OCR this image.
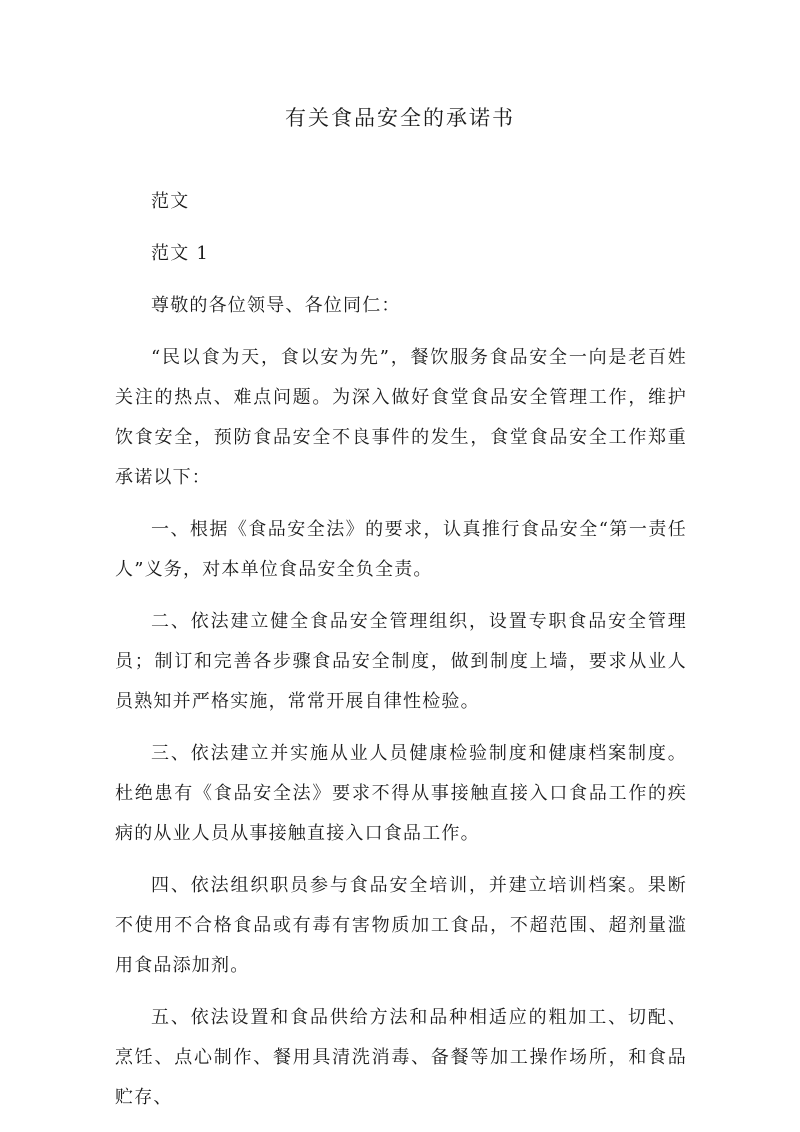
有关食品安全的承诺书

范文

范文 1

尊敬的各位领导、各位同仁：

“民以食为天，食以安为先”，餐饮服务食品安全一向是老百姓关注的热点、难点问题。为深入做好食堂食品安全管理工作，维护饮食安全，预防食品安全不良事件的发生，食堂食品安全工作郑重承诺以下：

一、根据《食品安全法》的要求，认真推行食品安全“第一责任人”义务，对本单位食品安全负全责。

二、依法建立健全食品安全管理组织，设置专职食品安全管理员；制订和完善各步骤食品安全制度，做到制度上墙，要求从业人员熟知并严格实施，常常开展自律性检验。

三、依法建立并实施从业人员健康检验制度和健康档案制度。杜绝患有《食品安全法》要求不得从事接触直接入口食品工作的疾病的从业人员从事接触直接入口食品工作。

四、依法组织职员参与食品安全培训，并建立培训档案。果断不使用不合格食品或有毒有害物质加工食品，不超范围、超剂量滥用食品添加剂。

五、依法设置和食品供给方法和品种相适应的粗加工、切配、烹饪、点心制作、餐用具清洗消毒、备餐等加工操作场所，和食品贮存、
